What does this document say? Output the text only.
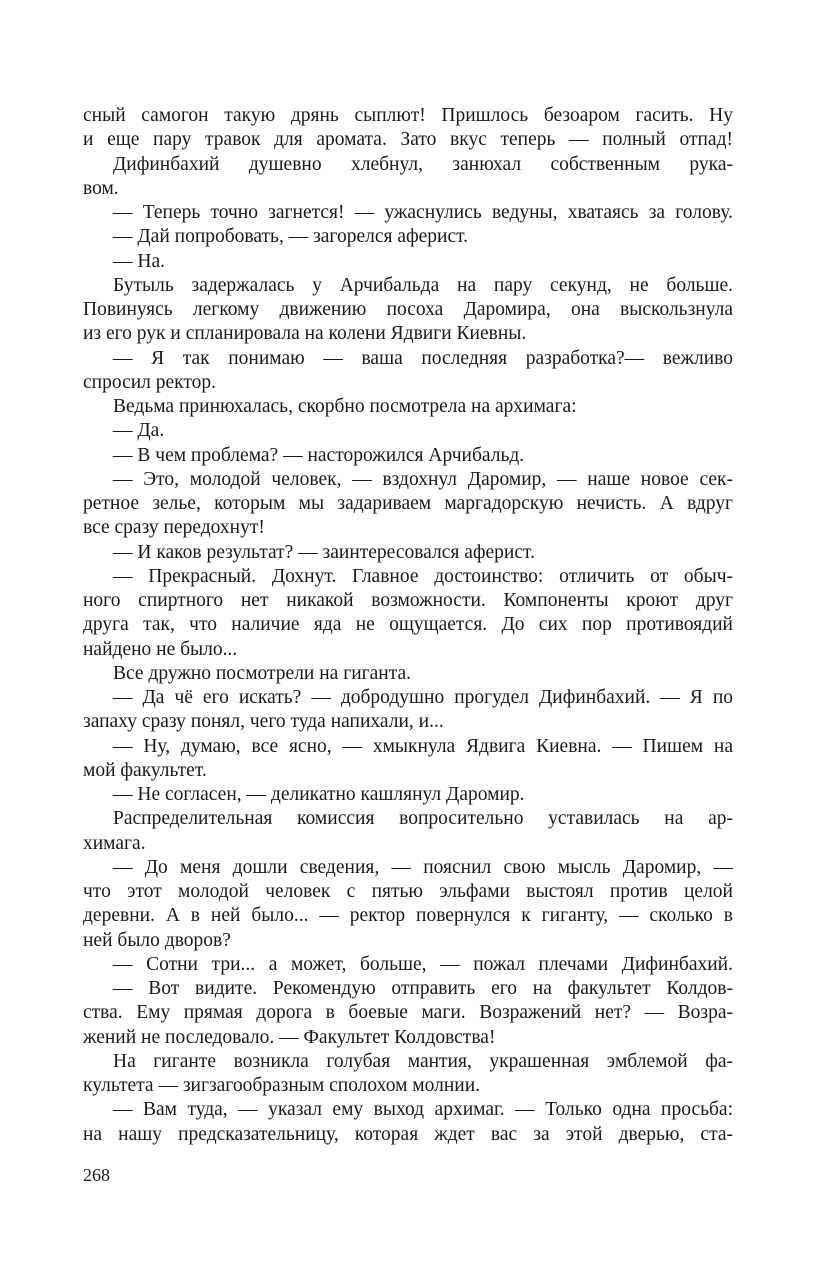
сный самогон такую дрянь сыплют! Пришлось безоаром гасить. Ну
и еще пару травок для аромата. Зато вкус теперь — полный отпад!
Дифинбахий душевно хлебнул, занюхал собственным рука-
вом.
— Теперь точно загнется! — ужаснулись ведуны, хватаясь за голову.
— Дай попробовать, — загорелся аферист.
— На.
Бутыль задержалась у Арчибальда на пару секунд, не больше.
Повинуясь легкому движению посоха Даромира, она выскользнула
из его рук и спланировала на колени Ядвиги Киевны.
— Я так понимаю — ваша последняя разработка?— вежливо
спросил ректор.
Ведьма принюхалась, скорбно посмотрела на архимага:
— Да.
— В чем проблема? — насторожился Арчибальд.
— Это, молодой человек, — вздохнул Даромир, — наше новое сек-
ретное зелье, которым мы задариваем маргадорскую нечисть. А вдруг
все сразу передохнут!
— И каков результат? — заинтересовался аферист.
— Прекрасный. Дохнут. Главное достоинство: отличить от обыч-
ного спиртного нет никакой возможности. Компоненты кроют друг
друга так, что наличие яда не ощущается. До сих пор противоядий
найдено не было...
Все дружно посмотрели на гиганта.
— Да чё его искать? — добродушно прогудел Дифинбахий. — Я по
запаху сразу понял, чего туда напихали, и...
— Ну, думаю, все ясно, — хмыкнула Ядвига Киевна. — Пишем на
мой факультет.
— Не согласен, — деликатно кашлянул Даромир.
Распределительная комиссия вопросительно уставилась на ар-
химага.
— До меня дошли сведения, — пояснил свою мысль Даромир, —
что этот молодой человек с пятью эльфами выстоял против целой
деревни. А в ней было... — ректор повернулся к гиганту, — сколько в
ней было дворов?
— Сотни три... а может, больше, — пожал плечами Дифинбахий.
— Вот видите. Рекомендую отправить его на факультет Колдов-
ства. Ему прямая дорога в боевые маги. Возражений нет? — Возра-
жений не последовало. — Факультет Колдовства!
На гиганте возникла голубая мантия, украшенная эмблемой фа-
культета — зигзагообразным сполохом молнии.
— Вам туда, — указал ему выход архимаг. — Только одна просьба:
на нашу предсказательницу, которая ждет вас за этой дверью, ста-
268
